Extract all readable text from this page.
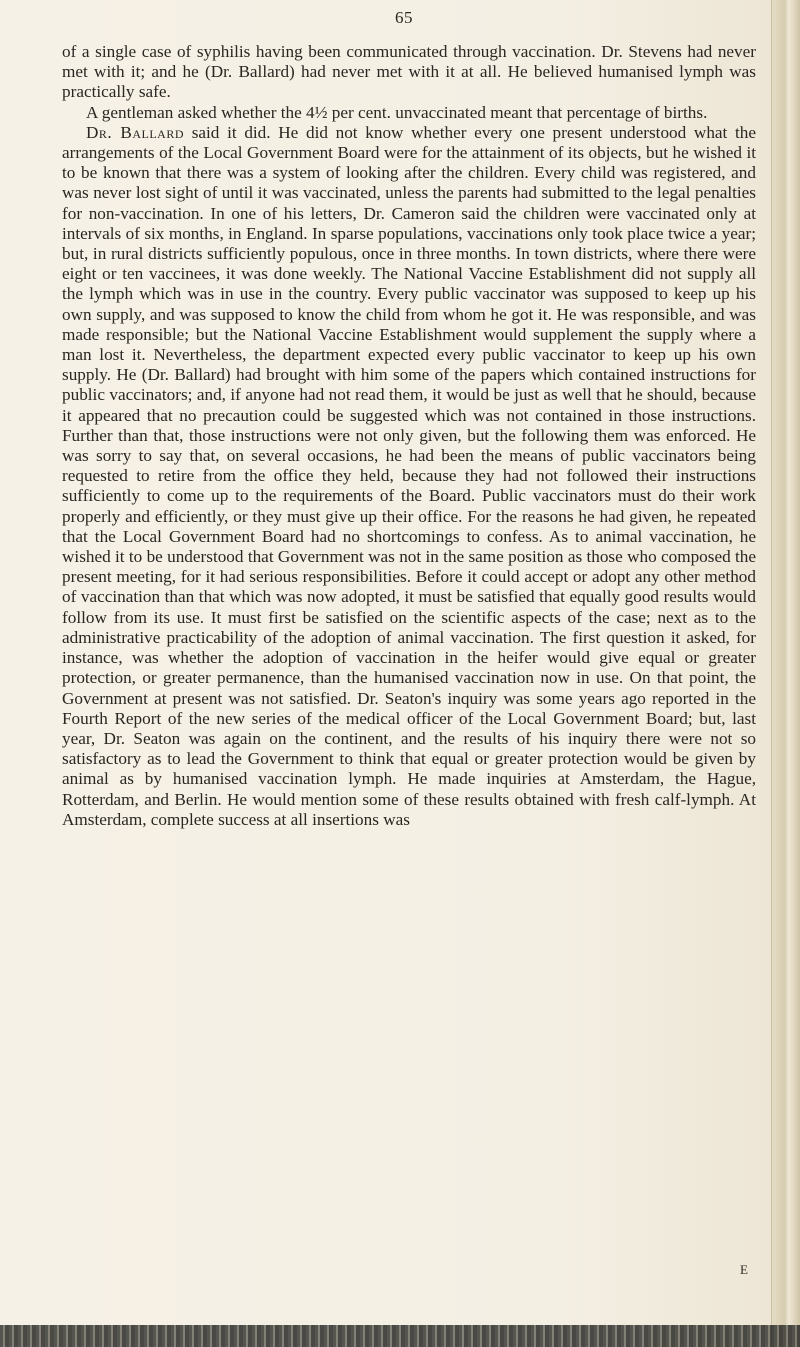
65

of a single case of syphilis having been communicated through vaccination. Dr. Stevens had never met with it; and he (Dr. Ballard) had never met with it at all. He believed humanised lymph was practically safe.

A gentleman asked whether the 4½ per cent. unvaccinated meant that percentage of births.

Dr. Ballard said it did. He did not know whether every one present understood what the arrangements of the Local Government Board were for the attainment of its objects, but he wished it to be known that there was a system of looking after the children. Every child was registered, and was never lost sight of until it was vaccinated, unless the parents had submitted to the legal penalties for non-vaccination. In one of his letters, Dr. Cameron said the children were vaccinated only at intervals of six months, in England. In sparse populations, vaccinations only took place twice a year; but, in rural districts sufficiently populous, once in three months. In town districts, where there were eight or ten vaccinees, it was done weekly. The National Vaccine Establishment did not supply all the lymph which was in use in the country. Every public vaccinator was supposed to keep up his own supply, and was supposed to know the child from whom he got it. He was responsible, and was made responsible; but the National Vaccine Establishment would supplement the supply where a man lost it. Nevertheless, the department expected every public vaccinator to keep up his own supply. He (Dr. Ballard) had brought with him some of the papers which contained instructions for public vaccinators; and, if anyone had not read them, it would be just as well that he should, because it appeared that no precaution could be suggested which was not contained in those instructions. Further than that, those instructions were not only given, but the following them was enforced. He was sorry to say that, on several occasions, he had been the means of public vaccinators being requested to retire from the office they held, because they had not followed their instructions sufficiently to come up to the requirements of the Board. Public vaccinators must do their work properly and efficiently, or they must give up their office. For the reasons he had given, he repeated that the Local Government Board had no shortcomings to confess. As to animal vaccination, he wished it to be understood that Government was not in the same position as those who composed the present meeting, for it had serious responsibilities. Before it could accept or adopt any other method of vaccination than that which was now adopted, it must be satisfied that equally good results would follow from its use. It must first be satisfied on the scientific aspects of the case; next as to the administrative practicability of the adoption of animal vaccination. The first question it asked, for instance, was whether the adoption of vaccination in the heifer would give equal or greater protection, or greater permanence, than the humanised vaccination now in use. On that point, the Government at present was not satisfied. Dr. Seaton's inquiry was some years ago reported in the Fourth Report of the new series of the medical officer of the Local Government Board; but, last year, Dr. Seaton was again on the continent, and the results of his inquiry there were not so satisfactory as to lead the Government to think that equal or greater protection would be given by animal as by humanised vaccination lymph. He made inquiries at Amsterdam, the Hague, Rotterdam, and Berlin. He would mention some of these results obtained with fresh calf-lymph. At Amsterdam, complete success at all insertions was

E
